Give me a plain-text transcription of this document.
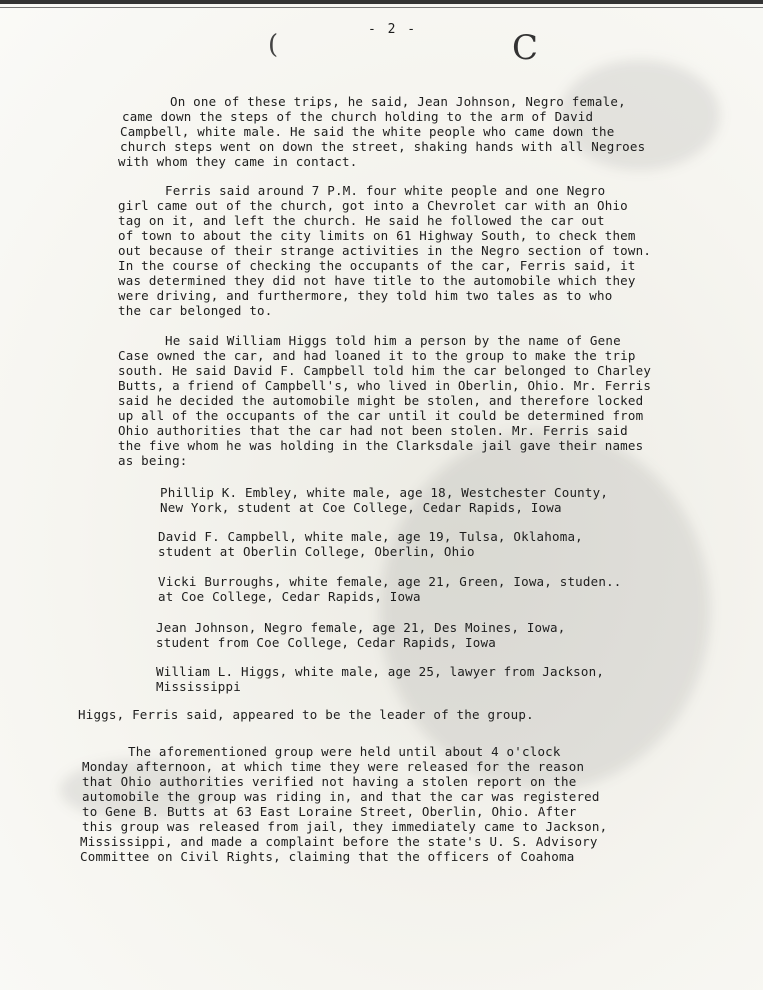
- 2 -
(	C
On one of these trips, he said, Jean Johnson, Negro female,
came down the steps of the church holding to the arm of David
Campbell, white male. He said the white people who came down the
church steps went on down the street, shaking hands with all Negroes
with whom they came in contact.
Ferris said around 7 P.M. four white people and one Negro
girl came out of the church, got into a Chevrolet car with an Ohio
tag on it, and left the church. He said he followed the car out
of town to about the city limits on 61 Highway South, to check them
out because of their strange activities in the Negro section of town.
In the course of checking the occupants of the car, Ferris said, it
was determined they did not have title to the automobile which they
were driving, and furthermore, they told him two tales as to who
the car belonged to.
He said William Higgs told him a person by the name of Gene
Case owned the car, and had loaned it to the group to make the trip
south. He said David F. Campbell told him the car belonged to Charley
Butts, a friend of Campbell's, who lived in Oberlin, Ohio. Mr. Ferris
said he decided the automobile might be stolen, and therefore locked
up all of the occupants of the car until it could be determined from
Ohio authorities that the car had not been stolen. Mr. Ferris said
the five whom he was holding in the Clarksdale jail gave their names
as being:
Phillip K. Embley, white male, age 18, Westchester County,
New York, student at Coe College, Cedar Rapids, Iowa
David F. Campbell, white male, age 19, Tulsa, Oklahoma,
student at Oberlin College, Oberlin, Ohio
Vicki Burroughs, white female, age 21, Green, Iowa, studen..
at Coe College, Cedar Rapids, Iowa
Jean Johnson, Negro female, age 21, Des Moines, Iowa,
student from Coe College, Cedar Rapids, Iowa
William L. Higgs, white male, age 25, lawyer from Jackson,
Mississippi
Higgs, Ferris said, appeared to be the leader of the group.
The aforementioned group were held until about 4 o'clock
Monday afternoon, at which time they were released for the reason
that Ohio authorities verified not having a stolen report on the
automobile the group was riding in, and that the car was registered
to Gene B. Butts at 63 East Loraine Street, Oberlin, Ohio. After
this group was released from jail, they immediately came to Jackson,
Mississippi, and made a complaint before the state's U. S. Advisory
Committee on Civil Rights, claiming that the officers of Coahoma
